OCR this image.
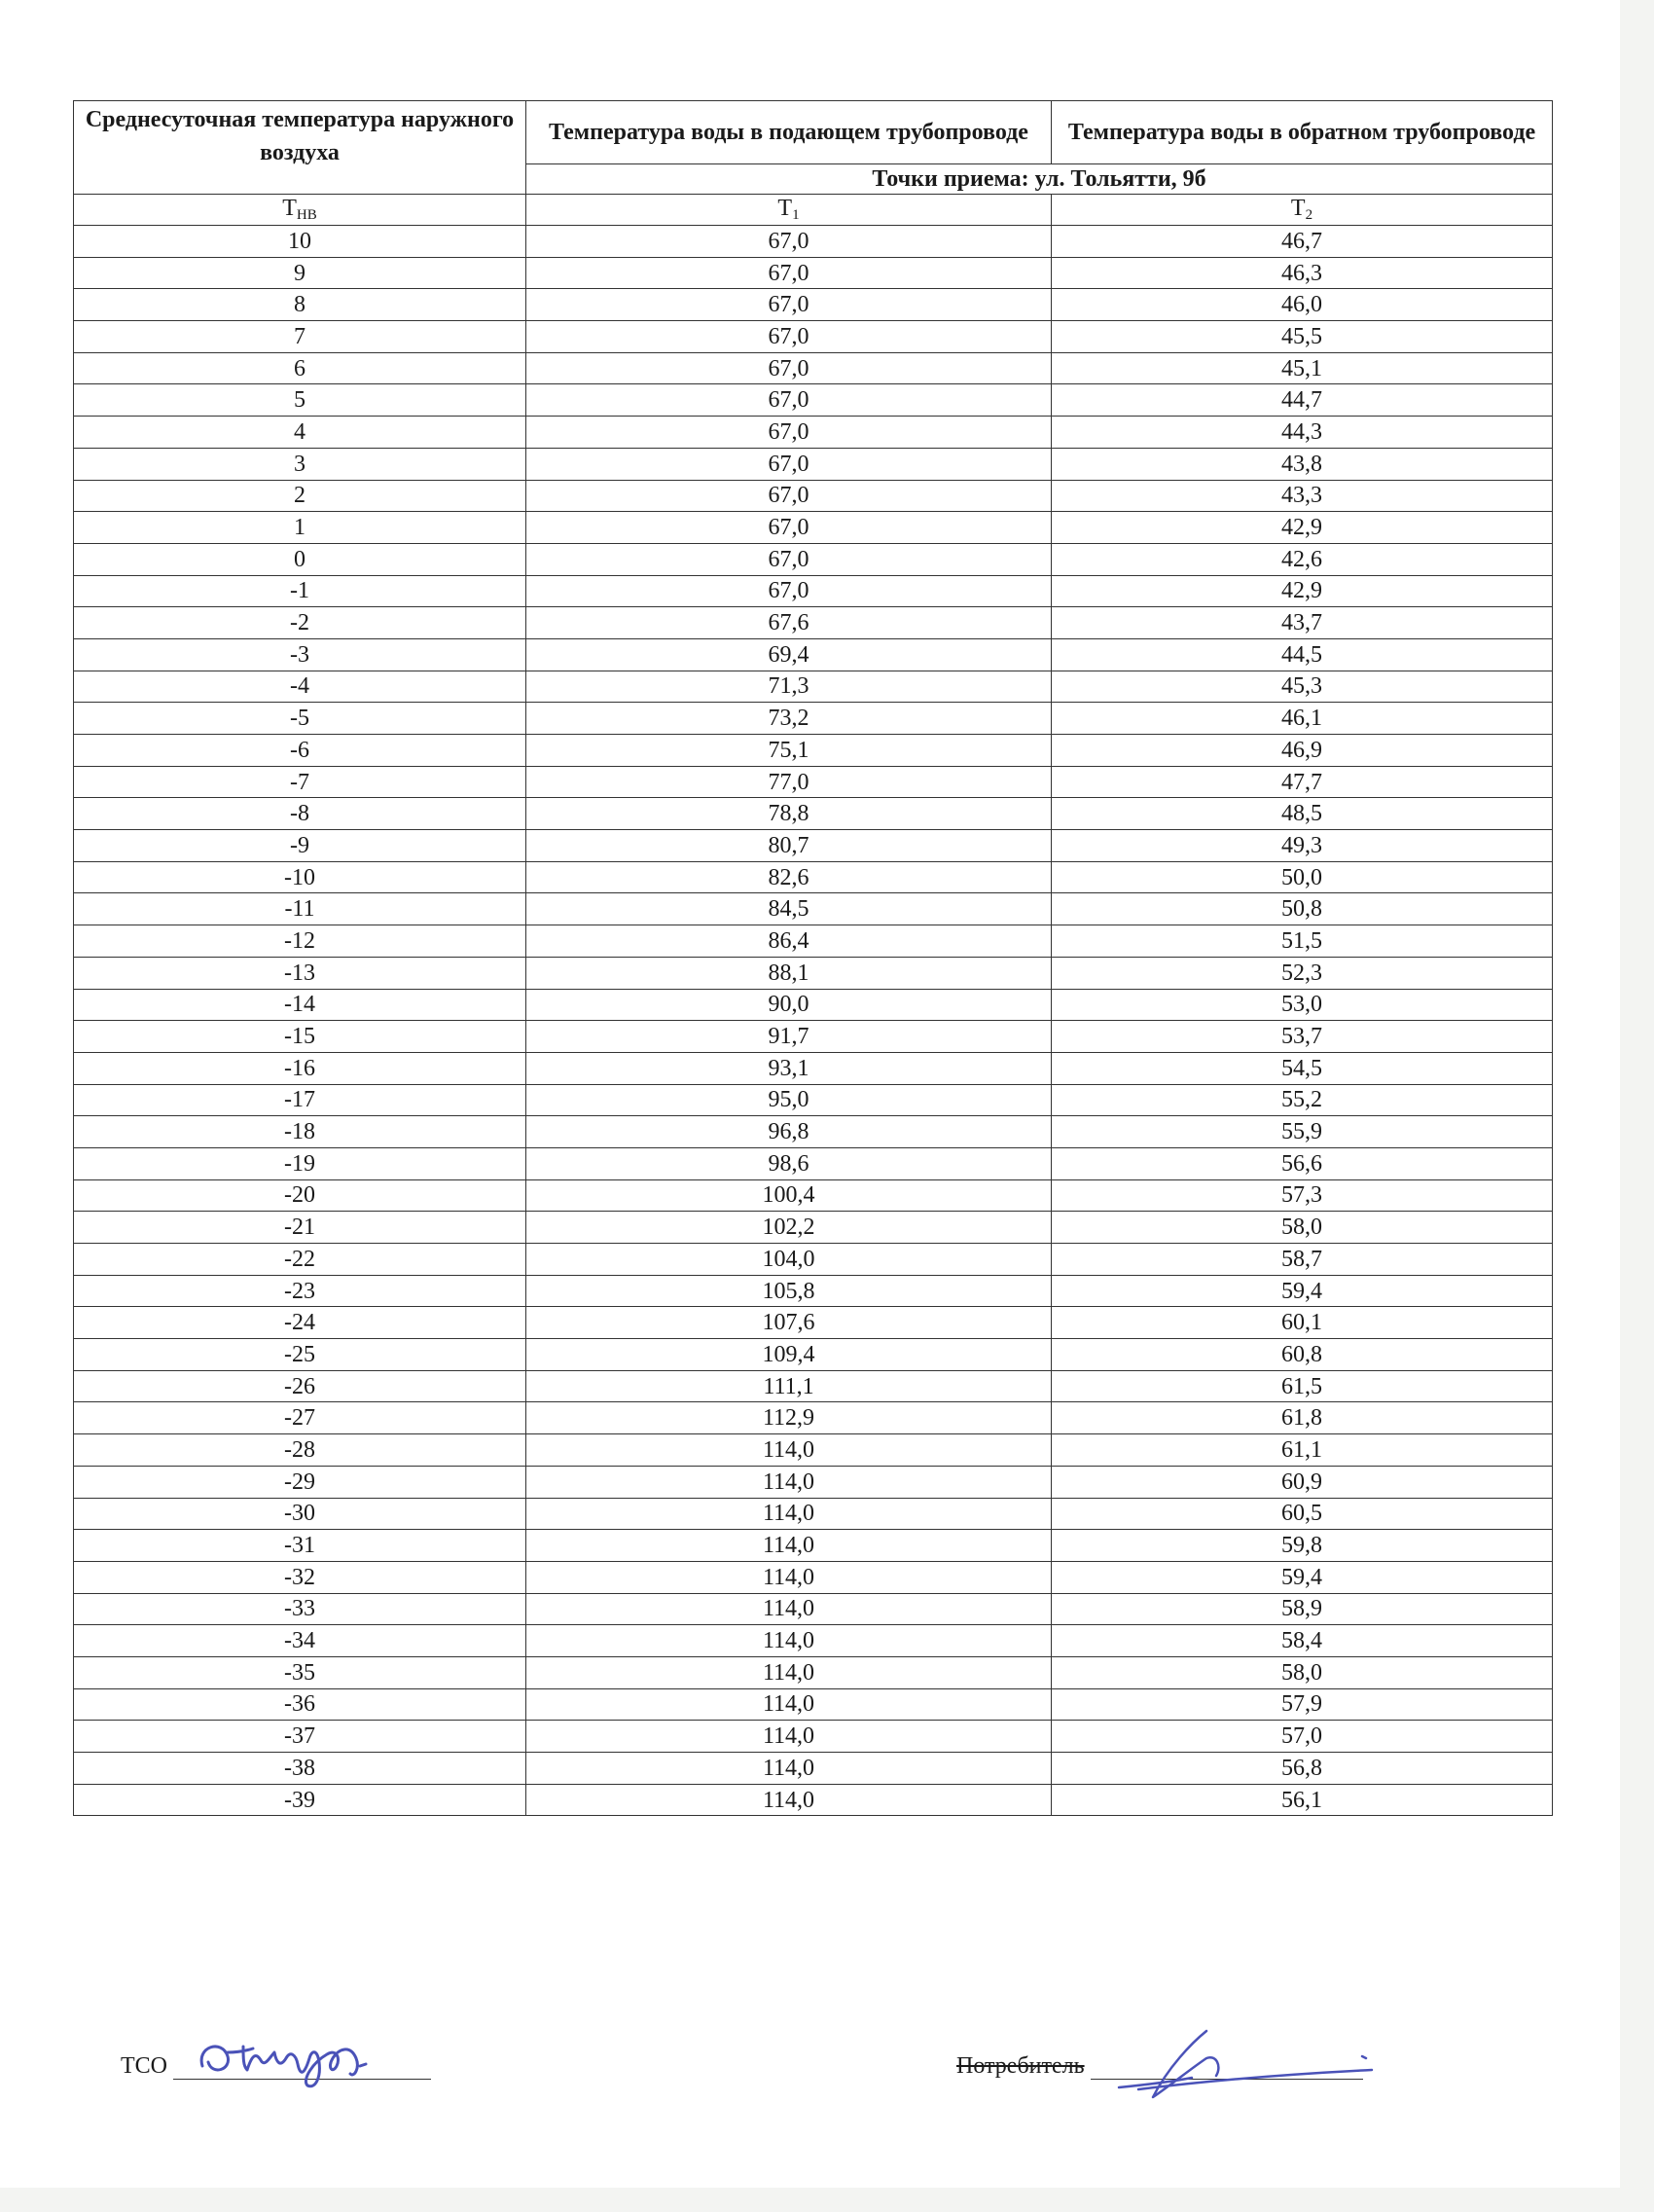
Среднесуточная температура наружного воздуха	Температура воды в подающем трубопроводе	Температура воды в обратном трубопроводе
	Точки приема: ул. Тольятти, 9б	
$T_{НВ}$	$T_1$	$T_2$
10	67,0	46,7
9	67,0	46,3
8	67,0	46,0
7	67,0	45,5
6	67,0	45,1
5	67,0	44,7
4	67,0	44,3
3	67,0	43,8
2	67,0	43,3
1	67,0	42,9
0	67,0	42,6
-1	67,0	42,9
-2	67,6	43,7
-3	69,4	44,5
-4	71,3	45,3
-5	73,2	46,1
-6	75,1	46,9
-7	77,0	47,7
-8	78,8	48,5
-9	80,7	49,3
-10	82,6	50,0
-11	84,5	50,8
-12	86,4	51,5
-13	88,1	52,3
-14	90,0	53,0
-15	91,7	53,7
-16	93,1	54,5
-17	95,0	55,2
-18	96,8	55,9
-19	98,6	56,6
-20	100,4	57,3
-21	102,2	58,0
-22	104,0	58,7
-23	105,8	59,4
-24	107,6	60,1
-25	109,4	60,8
-26	111,1	61,5
-27	112,9	61,8
-28	114,0	61,1
-29	114,0	60,9
-30	114,0	60,5
-31	114,0	59,8
-32	114,0	59,4
-33	114,0	58,9
-34	114,0	58,4
-35	114,0	58,0
-36	114,0	57,9
-37	114,0	57,0
-38	114,0	56,8
-39	114,0	56,1
ТСО	Потребитель
